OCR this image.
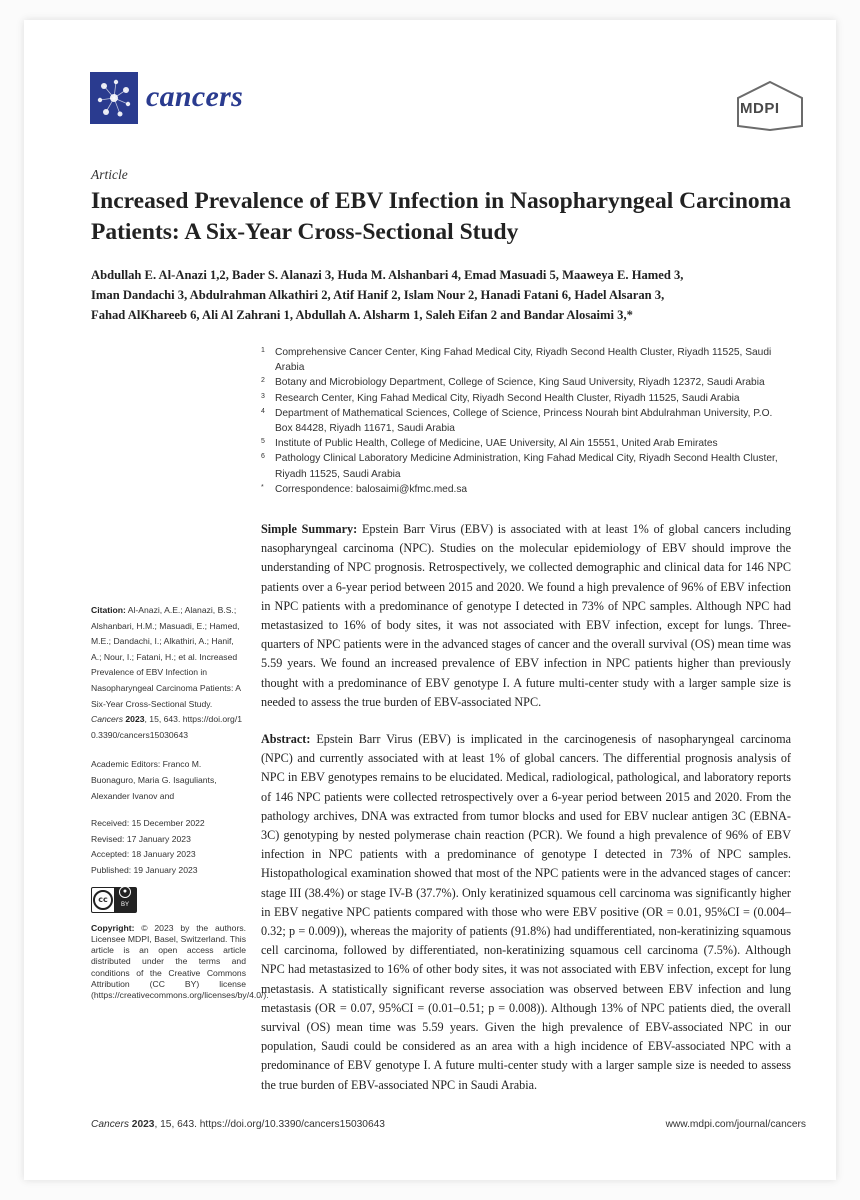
cancers	MDPI
Article
Increased Prevalence of EBV Infection in Nasopharyngeal Carcinoma Patients: A Six-Year Cross-Sectional Study
Abdullah E. Al-Anazi 1,2, Bader S. Alanazi 3, Huda M. Alshanbari 4, Emad Masuadi 5, Maaweya E. Hamed 3,
Iman Dandachi 3, Abdulrahman Alkathiri 2, Atif Hanif 2, Islam Nour 2, Hanadi Fatani 6, Hadel Alsaran 3,
Fahad AlKhareeb 6, Ali Al Zahrani 1, Abdullah A. Alsharm 1, Saleh Eifan 2 and Bandar Alosaimi 3,*
1 Comprehensive Cancer Center, King Fahad Medical City, Riyadh Second Health Cluster, Riyadh 11525, Saudi Arabia
2 Botany and Microbiology Department, College of Science, King Saud University, Riyadh 12372, Saudi Arabia
3 Research Center, King Fahad Medical City, Riyadh Second Health Cluster, Riyadh 11525, Saudi Arabia
4 Department of Mathematical Sciences, College of Science, Princess Nourah bint Abdulrahman University, P.O. Box 84428, Riyadh 11671, Saudi Arabia
5 Institute of Public Health, College of Medicine, UAE University, Al Ain 15551, United Arab Emirates
6 Pathology Clinical Laboratory Medicine Administration, King Fahad Medical City, Riyadh Second Health Cluster, Riyadh 11525, Saudi Arabia
* Correspondence: balosaimi@kfmc.med.sa
Citation: Al-Anazi, A.E.; Alanazi, B.S.; Alshanbari, H.M.; Masuadi, E.; Hamed, M.E.; Dandachi, I.; Alkathiri, A.; Hanif, A.; Nour, I.; Fatani, H.; et al. Increased Prevalence of EBV Infection in Nasopharyngeal Carcinoma Patients: A Six-Year Cross-Sectional Study. Cancers 2023, 15, 643. https://doi.org/10.3390/cancers15030643
Academic Editors: Franco M. Buonaguro, Maria G. Isaguliants, Alexander Ivanov and
Received: 15 December 2022
Revised: 17 January 2023
Accepted: 18 January 2023
Published: 19 January 2023
cc
●
BY
Copyright: © 2023 by the authors. Licensee MDPI, Basel, Switzerland. This article is an open access article distributed under the terms and conditions of the Creative Commons Attribution (CC BY) license (https://creativecommons.org/licenses/by/4.0/).
Simple Summary: Epstein Barr Virus (EBV) is associated with at least 1% of global cancers including nasopharyngeal carcinoma (NPC). Studies on the molecular epidemiology of EBV should improve the understanding of NPC prognosis. Retrospectively, we collected demographic and clinical data for 146 NPC patients over a 6-year period between 2015 and 2020. We found a high prevalence of 96% of EBV infection in NPC patients with a predominance of genotype I detected in 73% of NPC samples. Although NPC had metastasized to 16% of body sites, it was not associated with EBV infection, except for lungs. Three-quarters of NPC patients were in the advanced stages of cancer and the overall survival (OS) mean time was 5.59 years. We found an increased prevalence of EBV infection in NPC patients higher than previously thought with a predominance of EBV genotype I. A future multi-center study with a larger sample size is needed to assess the true burden of EBV-associated NPC.
Abstract: Epstein Barr Virus (EBV) is implicated in the carcinogenesis of nasopharyngeal carcinoma (NPC) and currently associated with at least 1% of global cancers. The differential prognosis analysis of NPC in EBV genotypes remains to be elucidated. Medical, radiological, pathological, and laboratory reports of 146 NPC patients were collected retrospectively over a 6-year period between 2015 and 2020. From the pathology archives, DNA was extracted from tumor blocks and used for EBV nuclear antigen 3C (EBNA-3C) genotyping by nested polymerase chain reaction (PCR). We found a high prevalence of 96% of EBV infection in NPC patients with a predominance of genotype I detected in 73% of NPC samples. Histopathological examination showed that most of the NPC patients were in the advanced stages of cancer: stage III (38.4%) or stage IV-B (37.7%). Only keratinized squamous cell carcinoma was significantly higher in EBV negative NPC patients compared with those who were EBV positive (OR = 0.01, 95%CI = (0.004–0.32; p = 0.009)), whereas the majority of patients (91.8%) had undifferentiated, non-keratinizing squamous cell carcinoma, followed by differentiated, non-keratinizing squamous cell carcinoma (7.5%). Although NPC had metastasized to 16% of other body sites, it was not associated with EBV infection, except for lung metastasis. A statistically significant reverse association was observed between EBV infection and lung metastasis (OR = 0.07, 95%CI = (0.01–0.51; p = 0.008)). Although 13% of NPC patients died, the overall survival (OS) mean time was 5.59 years. Given the high prevalence of EBV-associated NPC in our population, Saudi could be considered as an area with a high incidence of EBV-associated NPC with a predominance of EBV genotype I. A future multi-center study with a larger sample size is needed to assess the true burden of EBV-associated NPC in Saudi Arabia.
Cancers 2023, 15, 643. https://doi.org/10.3390/cancers15030643	www.mdpi.com/journal/cancers
